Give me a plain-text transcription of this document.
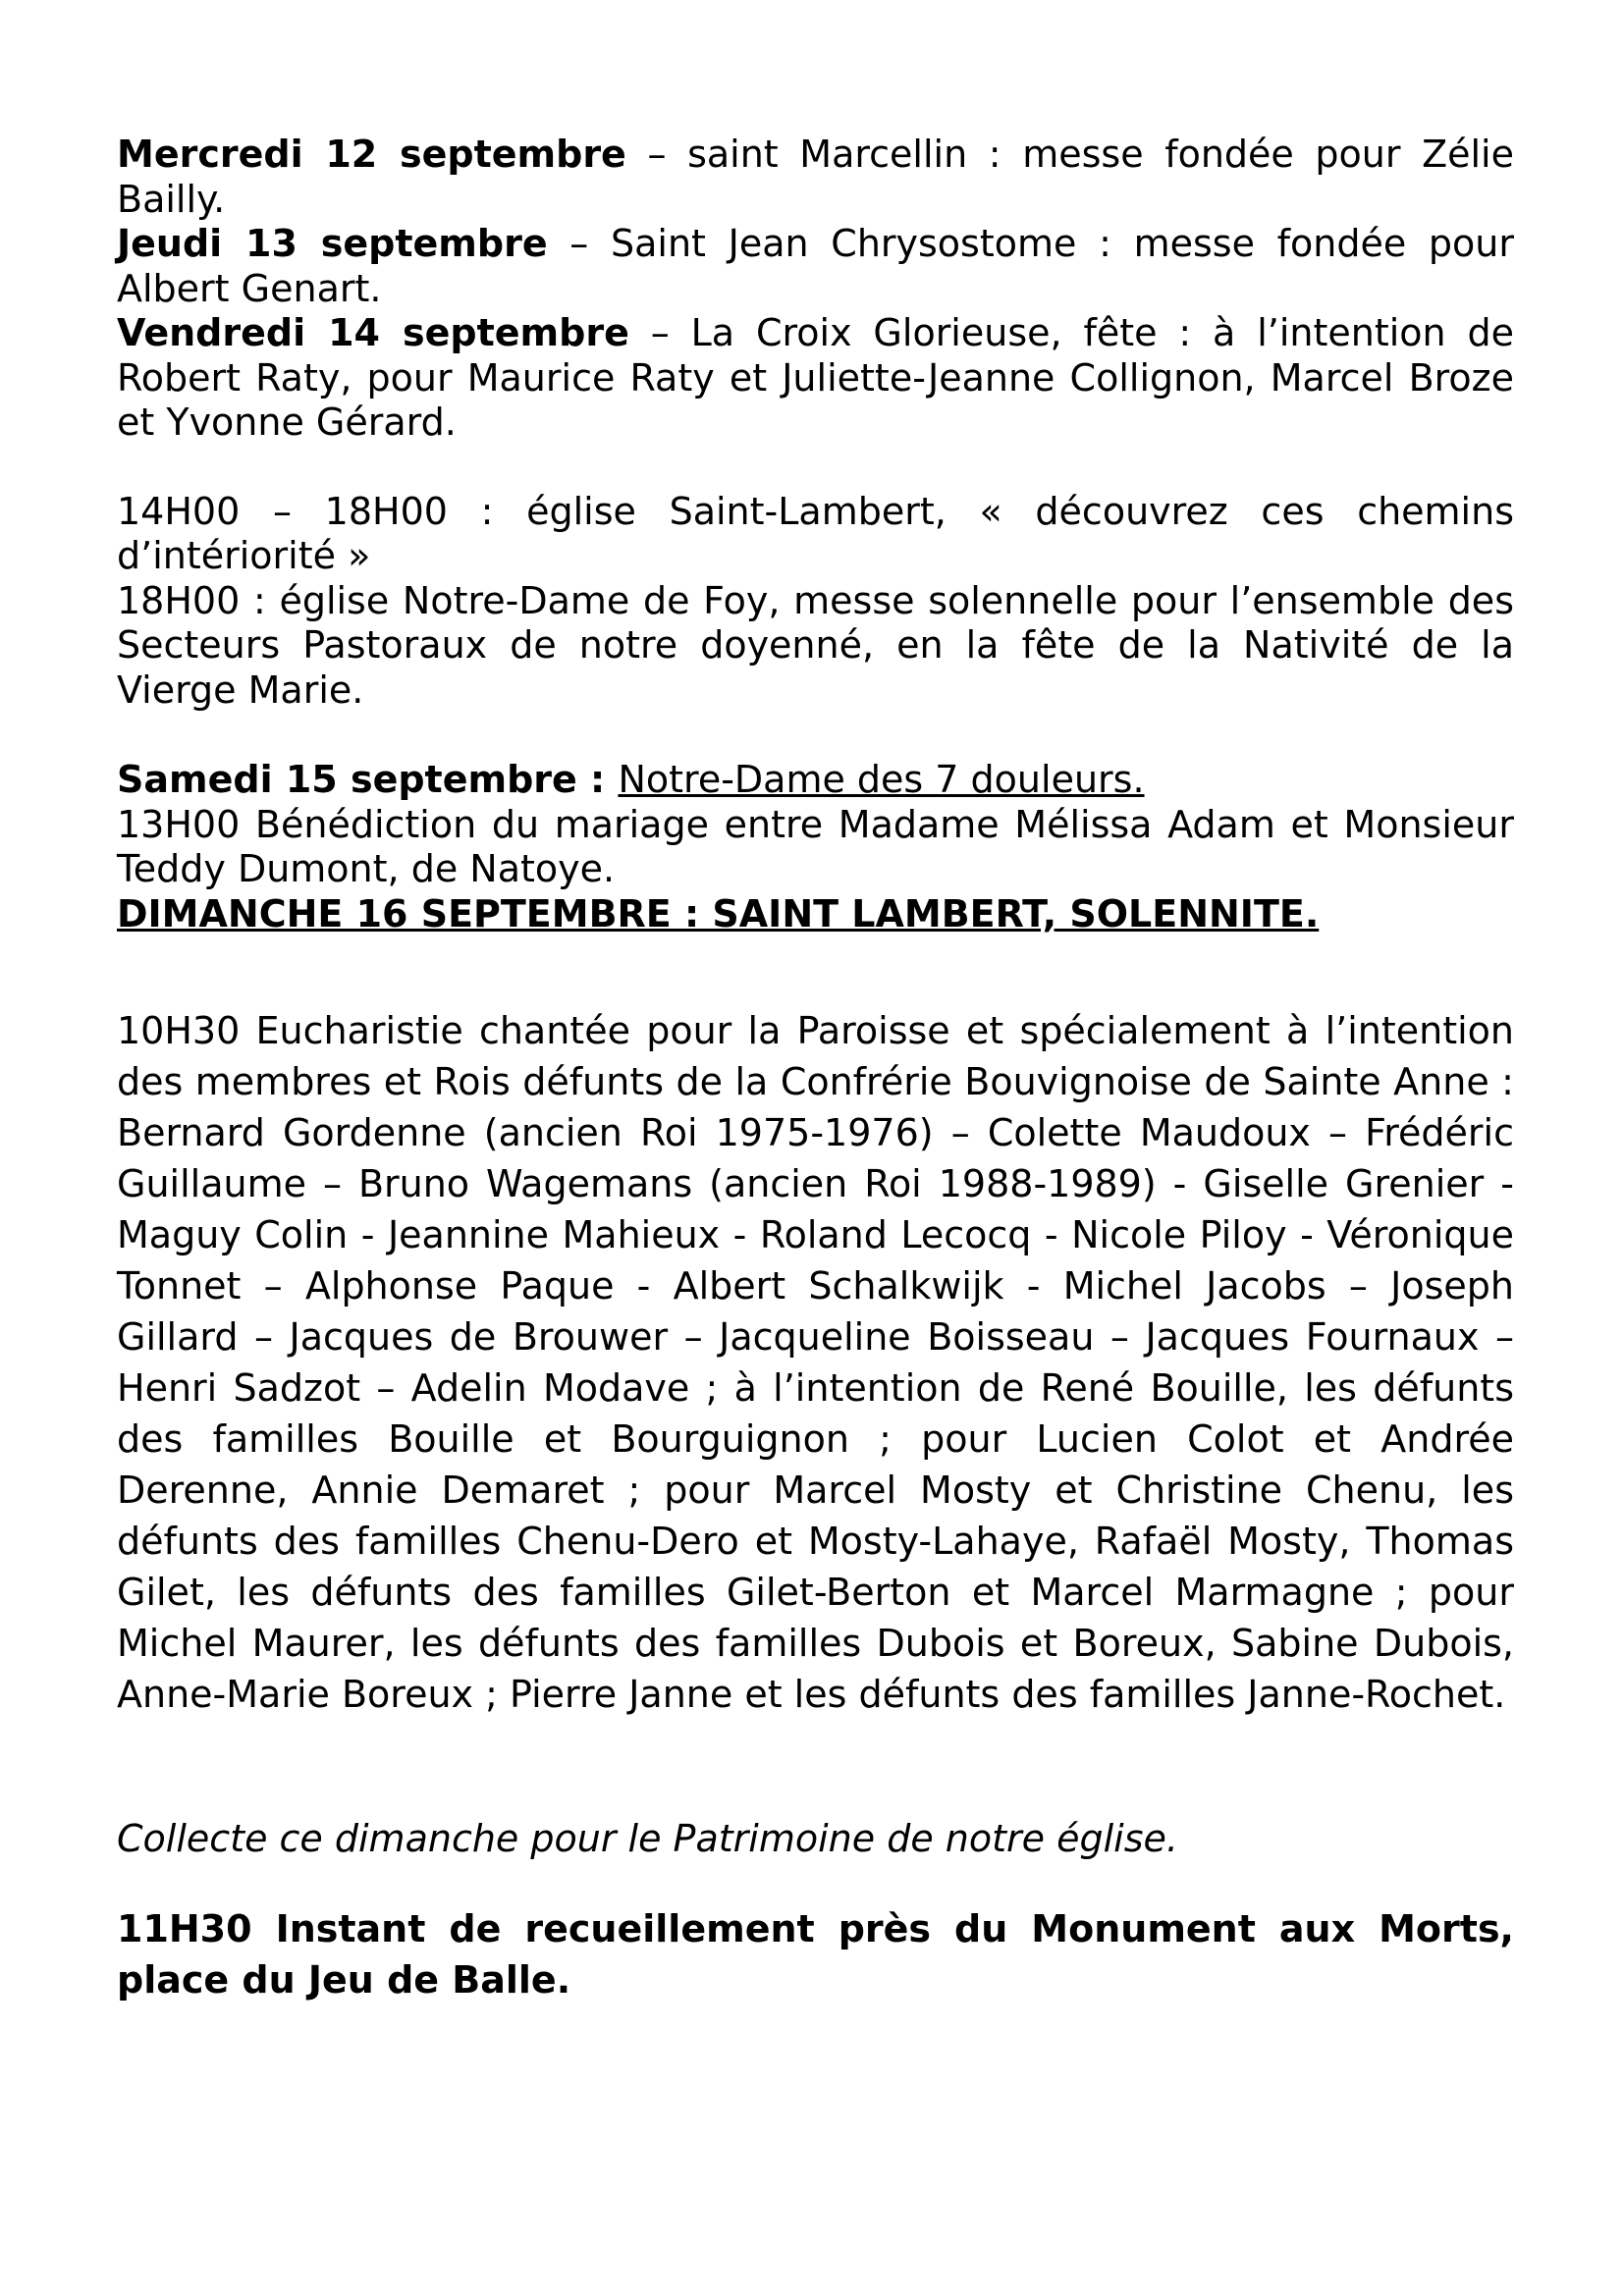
Mercredi 12 septembre – saint Marcellin : messe fondée pour Zélie Bailly.

Jeudi 13 septembre – Saint Jean Chrysostome : messe fondée pour Albert Genart.

Vendredi 14 septembre – La Croix Glorieuse, fête : à l’intention de Robert Raty, pour Maurice Raty et Juliette-Jeanne Collignon, Marcel Broze et Yvonne Gérard.

14H00 – 18H00 : église Saint-Lambert, « découvrez ces chemins d’intériorité »

18H00 : église Notre-Dame de Foy, messe solennelle pour l’ensemble des Secteurs Pastoraux de notre doyenné, en la fête de la Nativité de la Vierge Marie.

Samedi 15 septembre : Notre-Dame des 7 douleurs.

13H00 Bénédiction du mariage entre Madame Mélissa Adam et Monsieur Teddy Dumont, de Natoye.

DIMANCHE 16 SEPTEMBRE : SAINT LAMBERT, SOLENNITE.

10H30 Eucharistie chantée pour la Paroisse et spécialement à l’intention des membres et Rois défunts de la Confrérie Bouvignoise de Sainte Anne : Bernard Gordenne (ancien Roi 1975-1976) – Colette Maudoux – Frédéric Guillaume – Bruno Wagemans (ancien Roi 1988-1989) - Giselle Grenier - Maguy Colin - Jeannine Mahieux - Roland Lecocq - Nicole Piloy - Véronique Tonnet – Alphonse Paque - Albert Schalkwijk - Michel Jacobs – Joseph Gillard – Jacques de Brouwer – Jacqueline Boisseau – Jacques Fournaux – Henri Sadzot – Adelin Modave ; à l’intention de René Bouille, les défunts des familles Bouille et Bourguignon ; pour Lucien Colot et Andrée Derenne, Annie Demaret ; pour Marcel Mosty et Christine Chenu, les défunts des familles Chenu-Dero et Mosty-Lahaye, Rafaël Mosty, Thomas Gilet, les défunts des familles Gilet-Berton et Marcel Marmagne ; pour Michel Maurer, les défunts des familles Dubois et Boreux, Sabine Dubois, Anne-Marie Boreux ; Pierre Janne et les défunts des familles Janne-Rochet.

Collecte ce dimanche pour le Patrimoine de notre église.

11H30 Instant de recueillement près du Monument aux Morts, place du Jeu de Balle.
